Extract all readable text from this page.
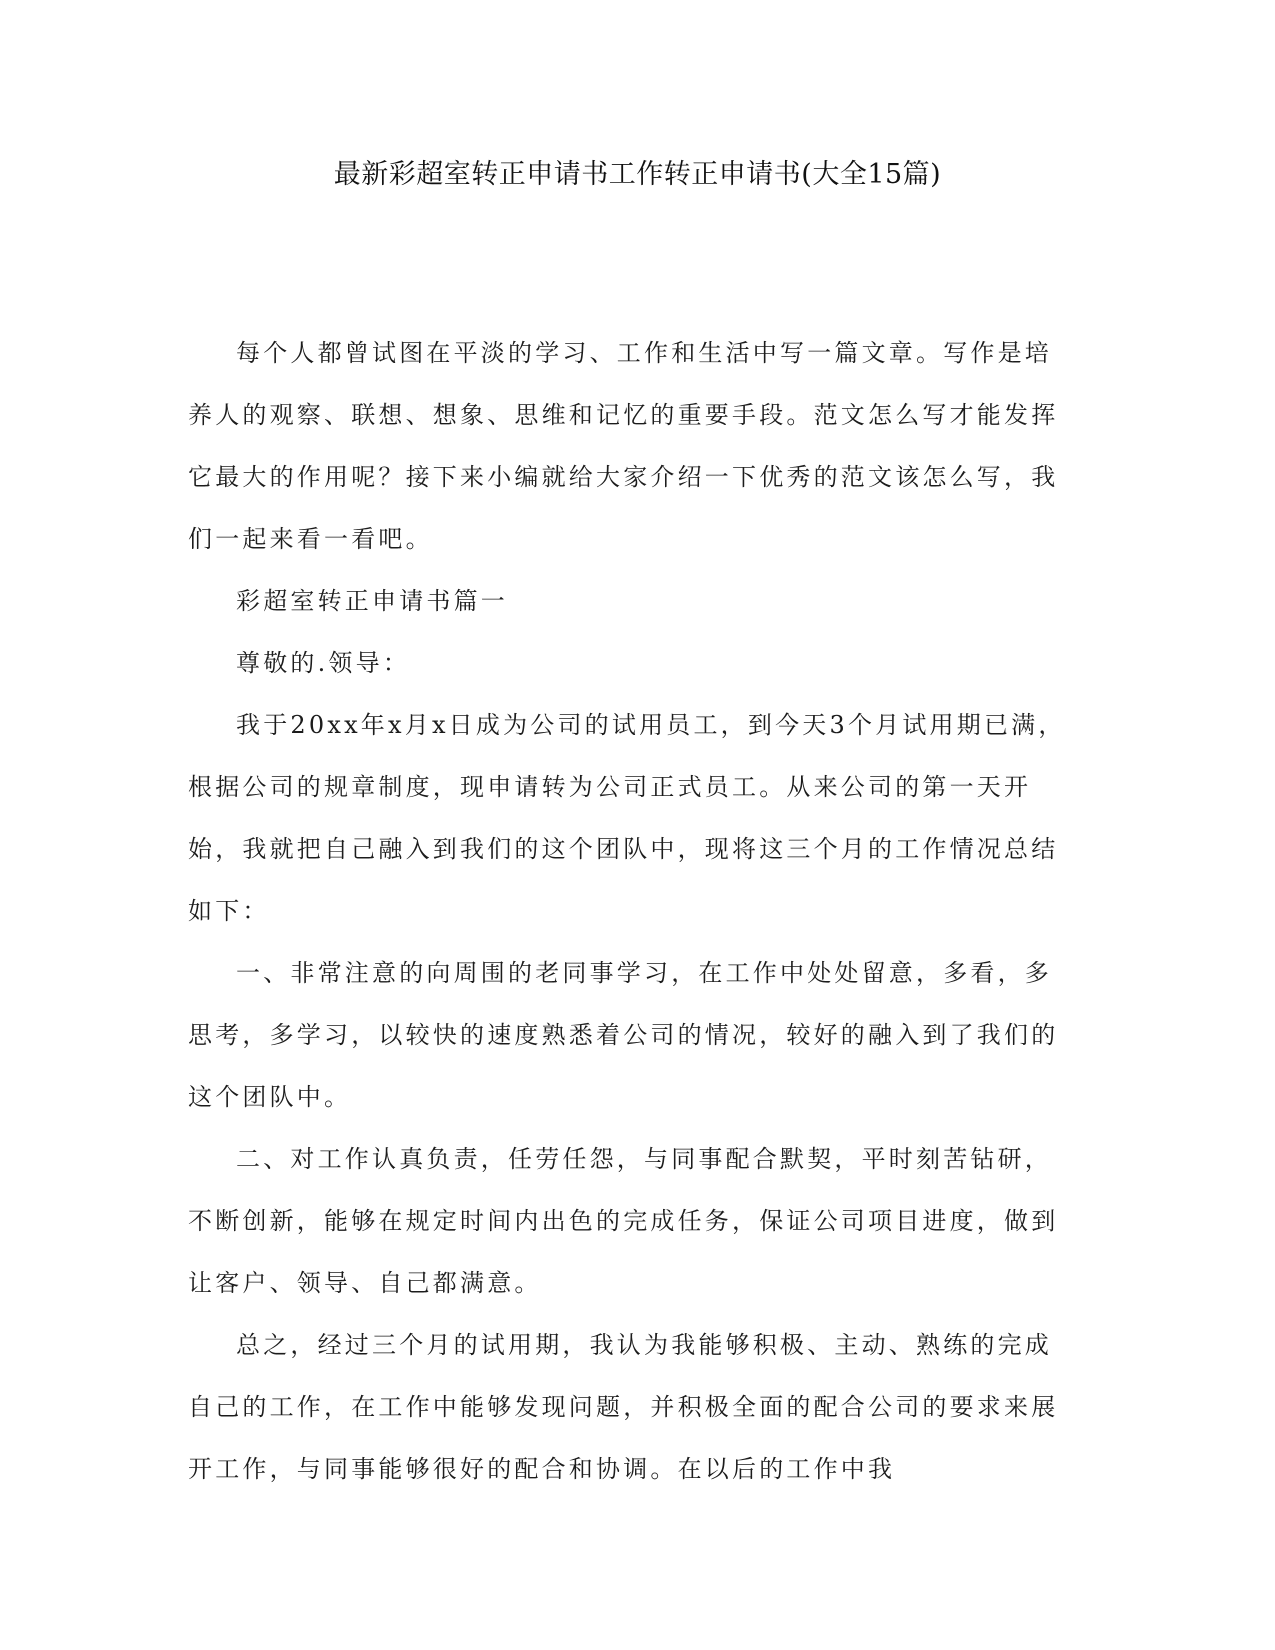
最新彩超室转正申请书工作转正申请书(大全15篇)

每个人都曾试图在平淡的学习、工作和生活中写一篇文章。写作是培养人的观察、联想、想象、思维和记忆的重要手段。范文怎么写才能发挥它最大的作用呢？接下来小编就给大家介绍一下优秀的范文该怎么写，我们一起来看一看吧。

彩超室转正申请书篇一

尊敬的.领导：

我于20xx年x月x日成为公司的试用员工，到今天3个月试用期已满，根据公司的规章制度，现申请转为公司正式员工。从来公司的第一天开始，我就把自己融入到我们的这个团队中，现将这三个月的工作情况总结如下：

一、非常注意的向周围的老同事学习，在工作中处处留意，多看，多思考，多学习，以较快的速度熟悉着公司的情况，较好的融入到了我们的这个团队中。

二、对工作认真负责，任劳任怨，与同事配合默契，平时刻苦钻研，不断创新，能够在规定时间内出色的完成任务，保证公司项目进度，做到让客户、领导、自己都满意。

总之，经过三个月的试用期，我认为我能够积极、主动、熟练的完成自己的工作，在工作中能够发现问题，并积极全面的配合公司的要求来展开工作，与同事能够很好的配合和协调。在以后的工作中我
